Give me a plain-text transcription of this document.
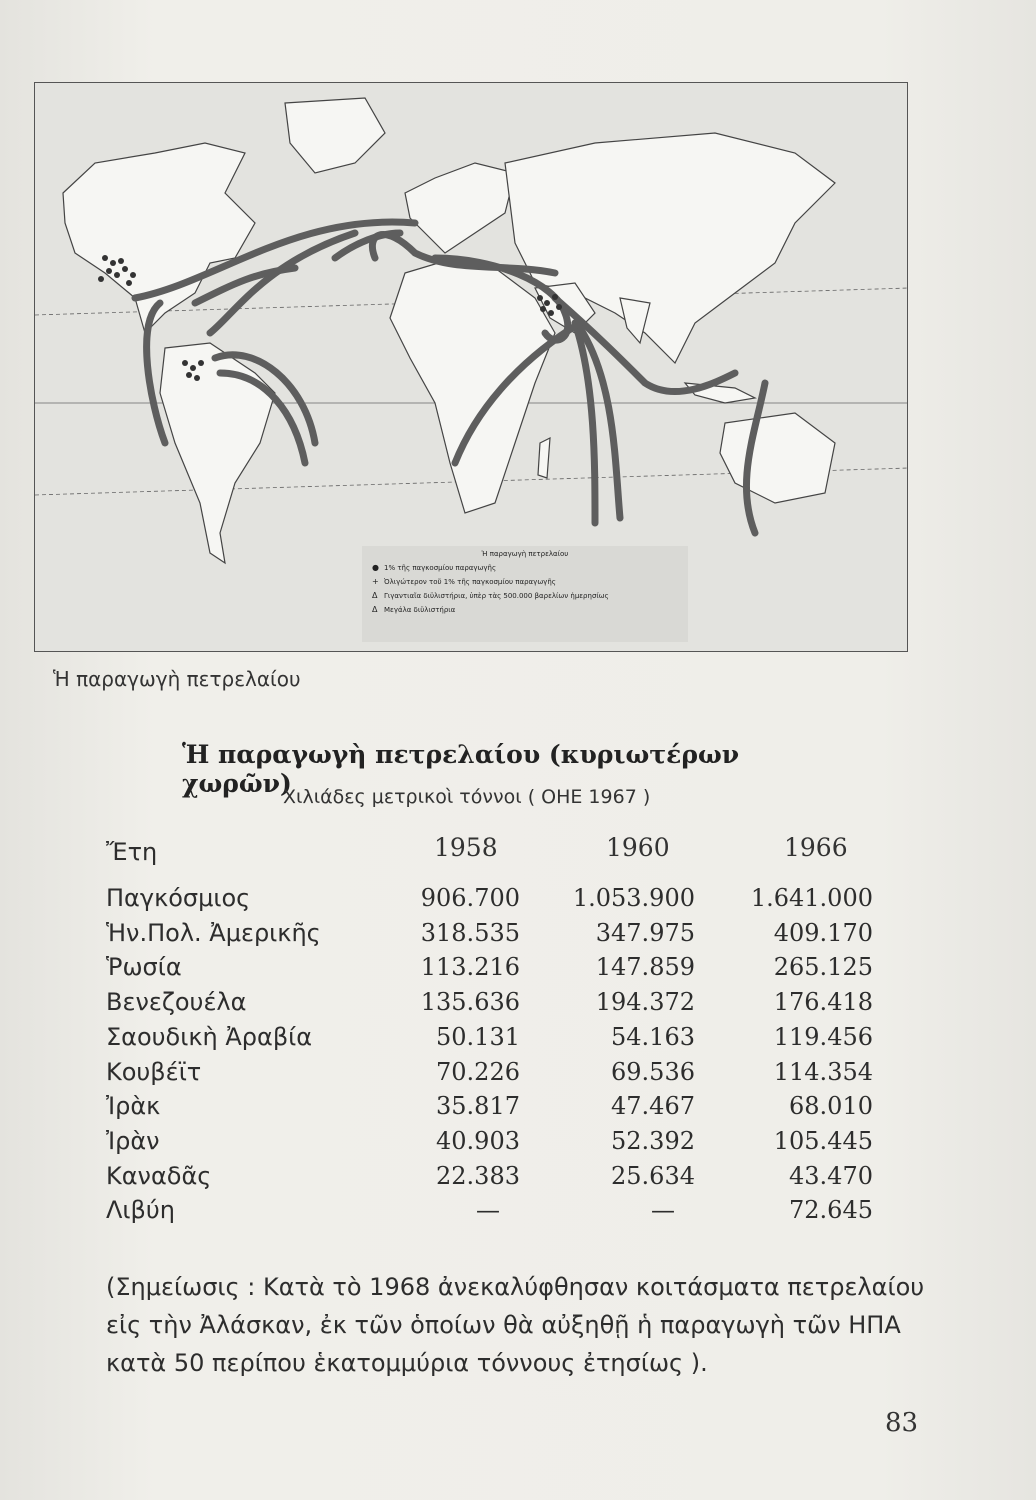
Ἡ παραγωγὴ πετρελαίου
● 1% τῆς παγκοσμίου παραγωγῆς
+ Ὀλιγώτερον τοῦ 1% τῆς παγκοσμίου παραγωγῆς
Δ Γιγαντιαῖα διϋλιστήρια, ὑπὲρ τὰς 500.000 βαρελίων ἡμερησίως
Δ Μεγάλα διϋλιστήρια
Ἡ παραγωγὴ πετρελαίου
Ἡ παραγωγὴ πετρελαίου (κυριωτέρων χωρῶν)
Χιλιάδες μετρικοὶ τόννοι ( ΟΗΕ 1967 )
Ἔτη	1958	1960	1966
Παγκόσμιος	906.700	1.053.900	1.641.000
Ἡν.Πολ. Ἀμερικῆς	318.535	347.975	409.170
Ῥωσία	113.216	147.859	265.125
Βενεζουέλα	135.636	194.372	176.418
Σαουδικὴ Ἀραβία	50.131	54.163	119.456
Κουβέϊτ	70.226	69.536	114.354
Ἰρὰκ	35.817	47.467	68.010
Ἰρὰν	40.903	52.392	105.445
Καναδᾶς	22.383	25.634	43.470
Λιβύη	—	—	72.645
(Σημείωσις : Κατὰ τὸ 1968 ἀνεκαλύφθησαν κοιτάσματα πετρελαίου εἰς τὴν Ἀλάσκαν, ἐκ τῶν ὁποίων θὰ αὐξηθῇ ἡ παραγωγὴ τῶν ΗΠΑ κατὰ 50 περίπου ἑκατομμύρια τόννους ἐτησίως ).
83
